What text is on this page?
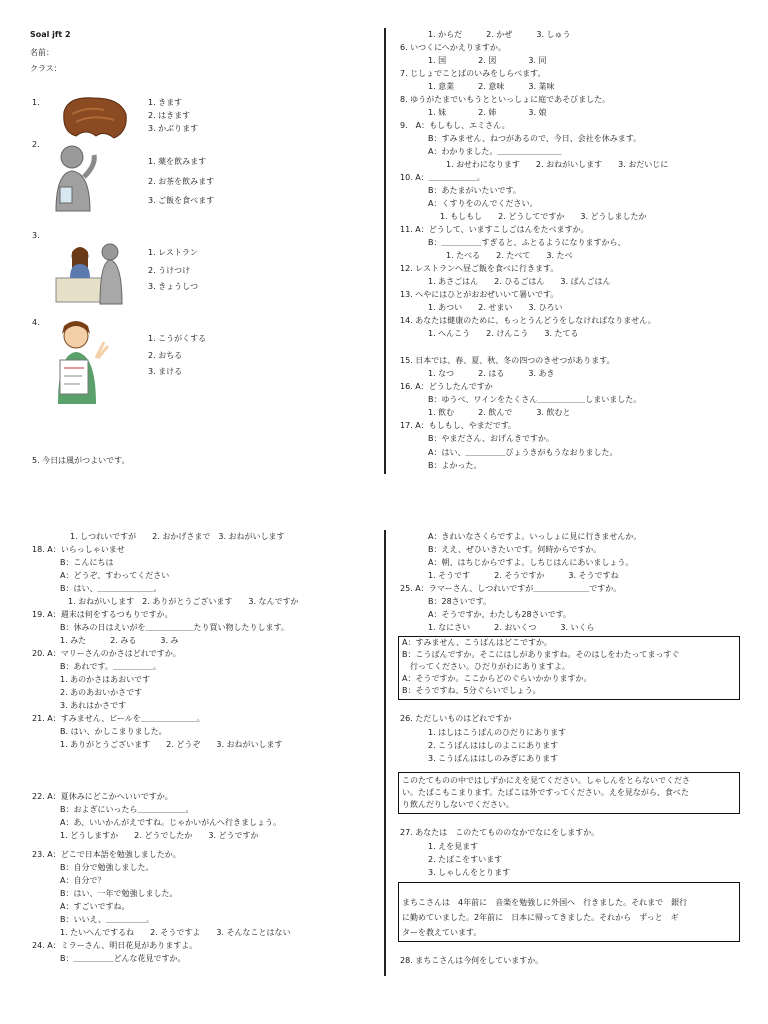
Soal jft 2
名前：
クラス：
1.	1. きます
2. はきます
3. かぶります
2.
1. 薬を飲みます
2. お茶を飲みます
3. ご飯を食べます
3.
1. レストラン
2. うけつけ
3. きょうしつ
4.
1. こうがくする
2. おちる
3. まける
5. 今日は風がつよいです。
1. からだ　　　2. かぜ　　　3. しゅう
6. いつくにへかえりますか。
1. 国　　　　2. 図　　　　3. 同
7. じしょでことばのいみをしらべます。
1. 意業　　　2. 意味　　　3. 業味
8. ゆうがたまでいもうとといっしょに庭であそびました。
1. 妹　　　　2. 姉　　　　3. 娘
9.　A：もしもし、エミさん。
B：すみません、ねつがあるので、今日、会社を休みます。
A：わかりました。＿＿＿＿＿＿＿＿
1. おせわになります　　2. おねがいします　　3. おだいじに
10. A：＿＿＿＿＿＿。
B：あたまがいたいです。
A：くすりをのんでください。
1. もしもし　　2. どうしてですか　　3. どうしましたか
11. A：どうして、いますこしごはんをたべますか。
B：＿＿＿＿＿すぎると、ふとるようになりますから、
1. たべる　　2. たべて　　3. たべ
12. レストランへ昼ご飯を食べに行きます。
1. あさごはん　　2. ひるごはん　　3. ばんごはん
13. へやにはひとがおおぜいいて暑いです。
1. あつい　　2. せまい　　3. ひろい
14. あなたは健康のために、もっとうんどうをしなければなりません。
1. へんこう　　2. けんこう　　3. たてる
15. 日本では、春、夏、秋、冬の四つのきせつがあります。
1. なつ　　　2. はる　　　3. あき
16. A：どうしたんですか
B：ゆうべ、ワインをたくさん＿＿＿＿＿＿しまいました。
1. 飲む　　　2. 飲んで　　　3. 飲むと
17. A：もしもし、やまだです。
B：やまださん、おげんきですか。
A：はい、＿＿＿＿＿びょうきがもうなおりました。
B：よかった。
1. しつれいですが　　2. おかげさまで　3. おねがいします
18. A：いらっしゃいませ
B：こんにちは
A：どうぞ、すわってください
B：はい、＿＿＿＿＿＿＿。
1. おねがいします　2. ありがとうございます　　3. なんですか
19. A：週末は何をするつもりですか。
B：休みの日はえいがを＿＿＿＿＿＿たり買い物したりします。
1. みた　　　2. みる　　　3. み
20. A：マリーさんのかさはどれですか。
B：あれです。＿＿＿＿＿。
1. あのかさはあおいです
2. あのあおいかさです
3. あれはかさです
21. A：すみません、ビールを＿＿＿＿＿＿＿。
B. はい、かしこまりました。
1. ありがとうございます　　2. どうぞ　　3. おねがいします
22. A：夏休みにどこかへいいですか。
B：およぎにいったら＿＿＿＿＿＿。
A：あ、いいかんがえですね。じゃかいがんへ行きましょう。
1. どうしますか　　2. どうでしたか　　3. どうですか
23. A：どこで日本語を勉強しましたか。
B：自分で勉強しました。
A：自分で？
B：はい、一年で勉強しました。
A：すごいですね。
B：いいえ、＿＿＿＿＿。
1. たいへんでするね　　2. そうですよ　　3. そんなことはない
24. A：ミラーさん、明日花見がありますよ。
B：＿＿＿＿＿どんな花見ですか。
A：きれいなさくらですよ。いっしょに見に行きませんか。
B：ええ、ぜひいきたいです。何時からですか。
A：朝、はちじからですよ。しちじはんにあいましょう。
1. そうです　　　2. そうですか　　　3. そうですね
25. A：ラマーさん、しつれいですが＿＿＿＿＿＿＿ですか。
B：28さいです。
A：そうですか、わたしも28さいです。
1. なにさい　　　2. おいくつ　　　3. いくら
A：すみません、こうばんはどこですか。
B：こうばんですか。そこにはしがありますね。そのはしをわたってまっすぐ
　行ってください。ひだりがわにありますよ。
A：そうですか。ここからどのぐらいかかりますか。
B：そうですね、5分ぐらいでしょう。
26. ただしいものはどれですか
1. はしはこうばんのひだりにあります
2. こうばんははしのよこにあります
3. こうばんははしのみぎにあります
このたてものの中ではしずかにえを見てください。しゃしんをとらないでくださ
い。たばこもこまります。たばこは外ですってください。えを見ながら、食べた
り飲んだりしないでください。
27. あなたは　このたてもののなかでなにをしますか。
1. えを見ます
2. たばこをすいます
3. しゃしんをとります
まちこさんは　4年前に　音楽を勉強しに外国へ　行きました。それまで　銀行
に勤めていました。2年前に　日本に帰ってきました。それから　ずっと　ギ
ターを教えています。
28. まちこさんは今何をしていますか。
